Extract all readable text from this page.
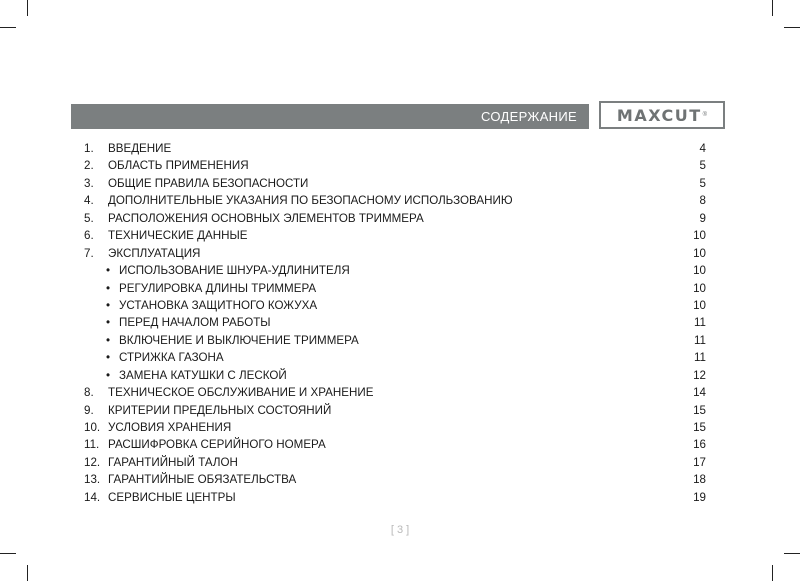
СОДЕРЖАНИЕ MAXCUT ®
1. ВВЕДЕНИЕ	4
2. ОБЛАСТЬ ПРИМЕНЕНИЯ	5
3. ОБЩИЕ ПРАВИЛА БЕЗОПАСНОСТИ	5
4. ДОПОЛНИТЕЛЬНЫЕ УКАЗАНИЯ ПО БЕЗОПАСНОМУ ИСПОЛЬЗОВАНИЮ	8
5. РАСПОЛОЖЕНИЯ ОСНОВНЫХ ЭЛЕМЕНТОВ ТРИММЕРА	9
6. ТЕХНИЧЕСКИЕ ДАННЫЕ	10
7. ЭКСПЛУАТАЦИЯ	10
• ИСПОЛЬЗОВАНИЕ ШНУРА-УДЛИНИТЕЛЯ	10
• РЕГУЛИРОВКА ДЛИНЫ ТРИММЕРА	10
• УСТАНОВКА ЗАЩИТНОГО КОЖУХА	10
• ПЕРЕД НАЧАЛОМ РАБОТЫ	11
• ВКЛЮЧЕНИЕ И ВЫКЛЮЧЕНИЕ ТРИММЕРА	11
• СТРИЖКА ГАЗОНА	11
• ЗАМЕНА КАТУШКИ С ЛЕСКОЙ	12
8. ТЕХНИЧЕСКОЕ ОБСЛУЖИВАНИЕ И ХРАНЕНИЕ	14
9. КРИТЕРИИ ПРЕДЕЛЬНЫХ СОСТОЯНИЙ	15
10. УСЛОВИЯ ХРАНЕНИЯ	15
11. РАСШИФРОВКА СЕРИЙНОГО НОМЕРА	16
12. ГАРАНТИЙНЫЙ ТАЛОН	17
13. ГАРАНТИЙНЫЕ ОБЯЗАТЕЛЬСТВА	18
14. СЕРВИСНЫЕ ЦЕНТРЫ	19
[ 3 ]
